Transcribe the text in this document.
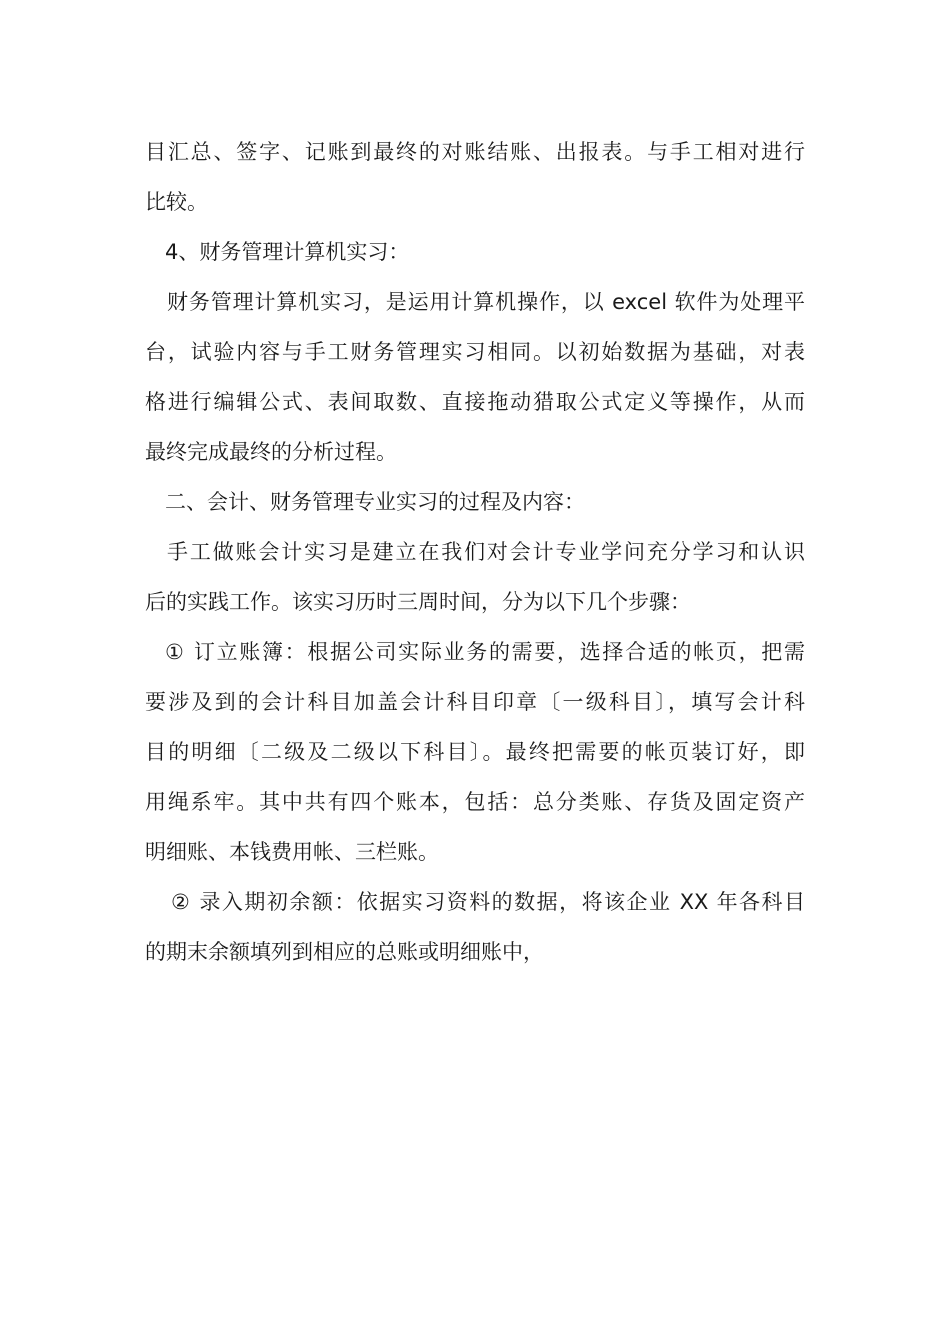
目汇总、签字、记账到最终的对账结账、出报表。与手工相对进行
比较。
4、财务管理计算机实习：
财务管理计算机实习，是运用计算机操作，以 excel 软件为处理平
台，试验内容与手工财务管理实习相同。以初始数据为基础，对表
格进行编辑公式、表间取数、直接拖动猎取公式定义等操作，从而
最终完成最终的分析过程。
二、会计、财务管理专业实习的过程及内容：
手工做账会计实习是建立在我们对会计专业学问充分学习和认识
后的实践工作。该实习历时三周时间，分为以下几个步骤：
① 订立账簿：根据公司实际业务的需要，选择合适的帐页，把需
要涉及到的会计科目加盖会计科目印章〔一级科目〕，填写会计科
目的明细〔二级及二级以下科目〕。最终把需要的帐页装订好，即
用绳系牢。其中共有四个账本，包括：总分类账、存货及固定资产
明细账、本钱费用帐、三栏账。
② 录入期初余额：依据实习资料的数据，将该企业 XX 年各科目
的期末余额填列到相应的总账或明细账中，
